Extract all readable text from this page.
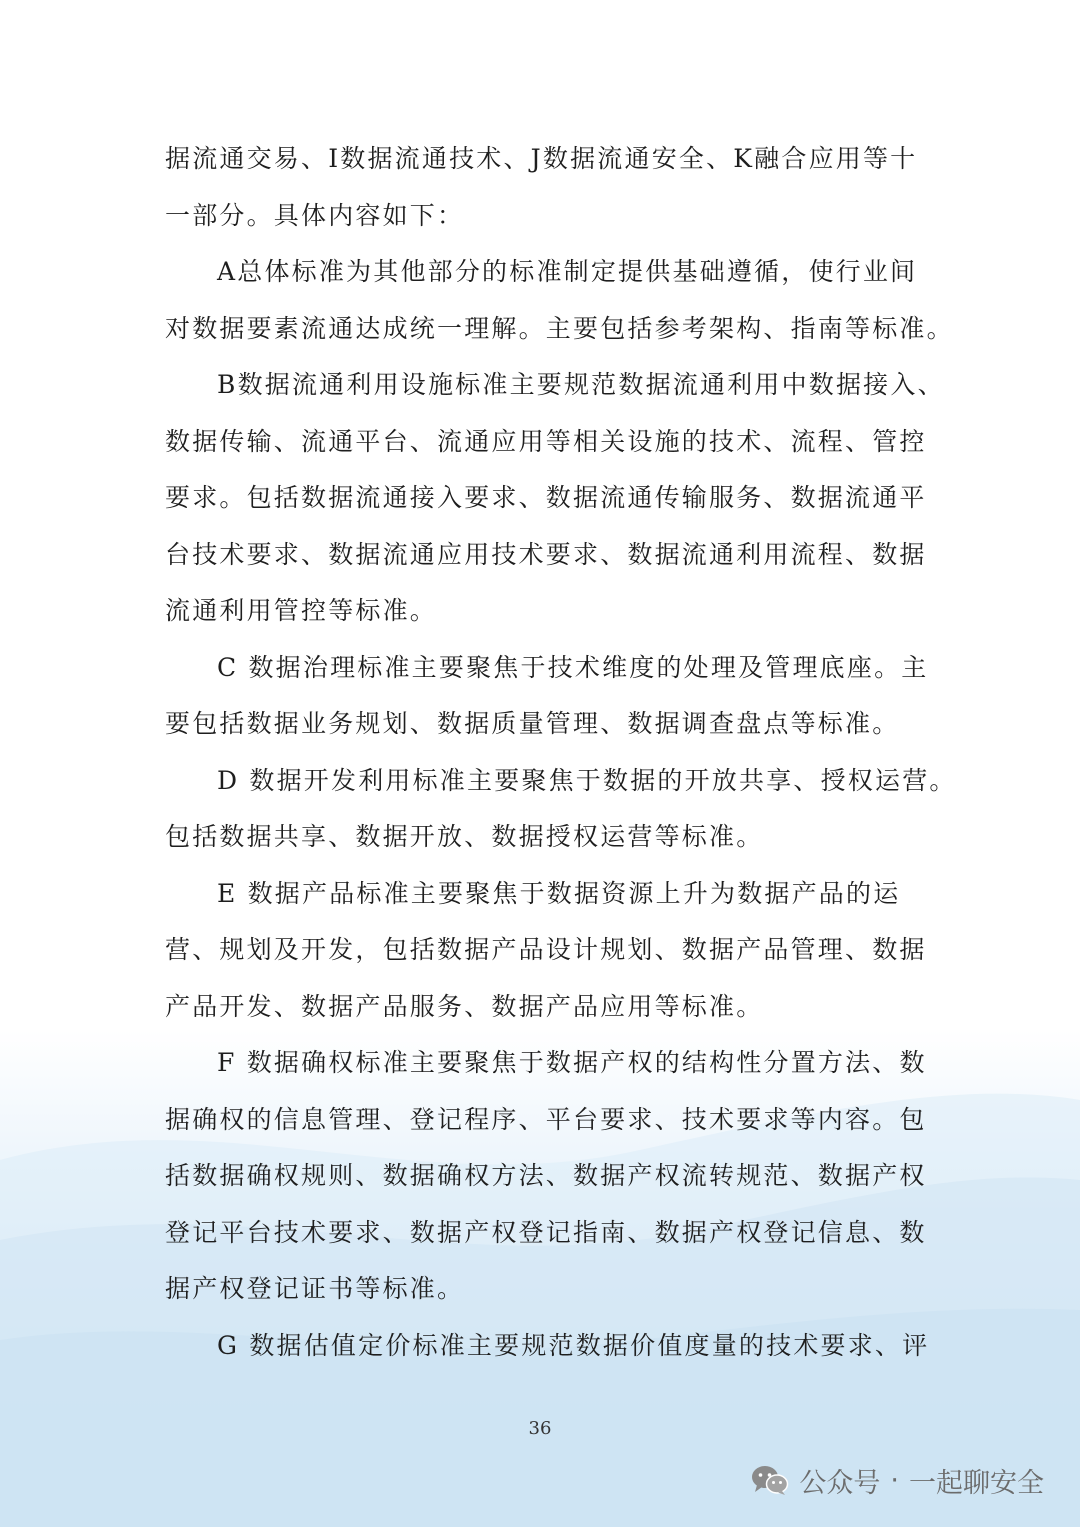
据流通交易、I数据流通技术、J数据流通安全、K融合应用等十
一部分。具体内容如下：
A总体标准为其他部分的标准制定提供基础遵循，使行业间
对数据要素流通达成统一理解。主要包括参考架构、指南等标准。
B数据流通利用设施标准主要规范数据流通利用中数据接入、
数据传输、流通平台、流通应用等相关设施的技术、流程、管控
要求。包括数据流通接入要求、数据流通传输服务、数据流通平
台技术要求、数据流通应用技术要求、数据流通利用流程、数据
流通利用管控等标准。
C 数据治理标准主要聚焦于技术维度的处理及管理底座。主
要包括数据业务规划、数据质量管理、数据调查盘点等标准。
D 数据开发利用标准主要聚焦于数据的开放共享、授权运营。
包括数据共享、数据开放、数据授权运营等标准。
E 数据产品标准主要聚焦于数据资源上升为数据产品的运
营、规划及开发，包括数据产品设计规划、数据产品管理、数据
产品开发、数据产品服务、数据产品应用等标准。
F 数据确权标准主要聚焦于数据产权的结构性分置方法、数
据确权的信息管理、登记程序、平台要求、技术要求等内容。包
括数据确权规则、数据确权方法、数据产权流转规范、数据产权
登记平台技术要求、数据产权登记指南、数据产权登记信息、数
据产权登记证书等标准。
G 数据估值定价标准主要规范数据价值度量的技术要求、评
36
公众号 · 一起聊安全
